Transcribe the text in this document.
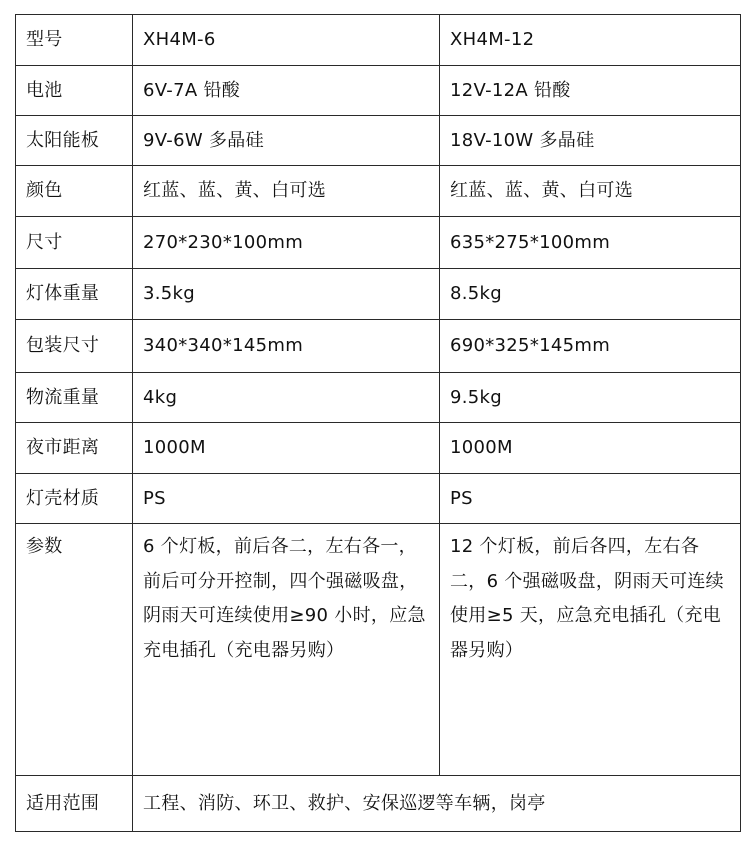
型号	XH4M-6	XH4M-12
电池	6V-7A 铅酸	12V-12A 铅酸
太阳能板	9V-6W 多晶硅	18V-10W 多晶硅
颜色	红蓝、蓝、黄、白可选	红蓝、蓝、黄、白可选
尺寸	270*230*100mm	635*275*100mm
灯体重量	3.5kg	8.5kg
包装尺寸	340*340*145mm	690*325*145mm
物流重量	4kg	9.5kg
夜市距离	1000M	1000M
灯壳材质	PS	PS
参数	6 个灯板，前后各二，左右各一，前后可分开控制，四个强磁吸盘，阴雨天可连续使用≥90 小时，应急充电插孔（充电器另购）	12 个灯板，前后各四，左右各二，6 个强磁吸盘，阴雨天可连续使用≥5 天，应急充电插孔（充电器另购）
适用范围	工程、消防、环卫、救护、安保巡逻等车辆，岗亭	
